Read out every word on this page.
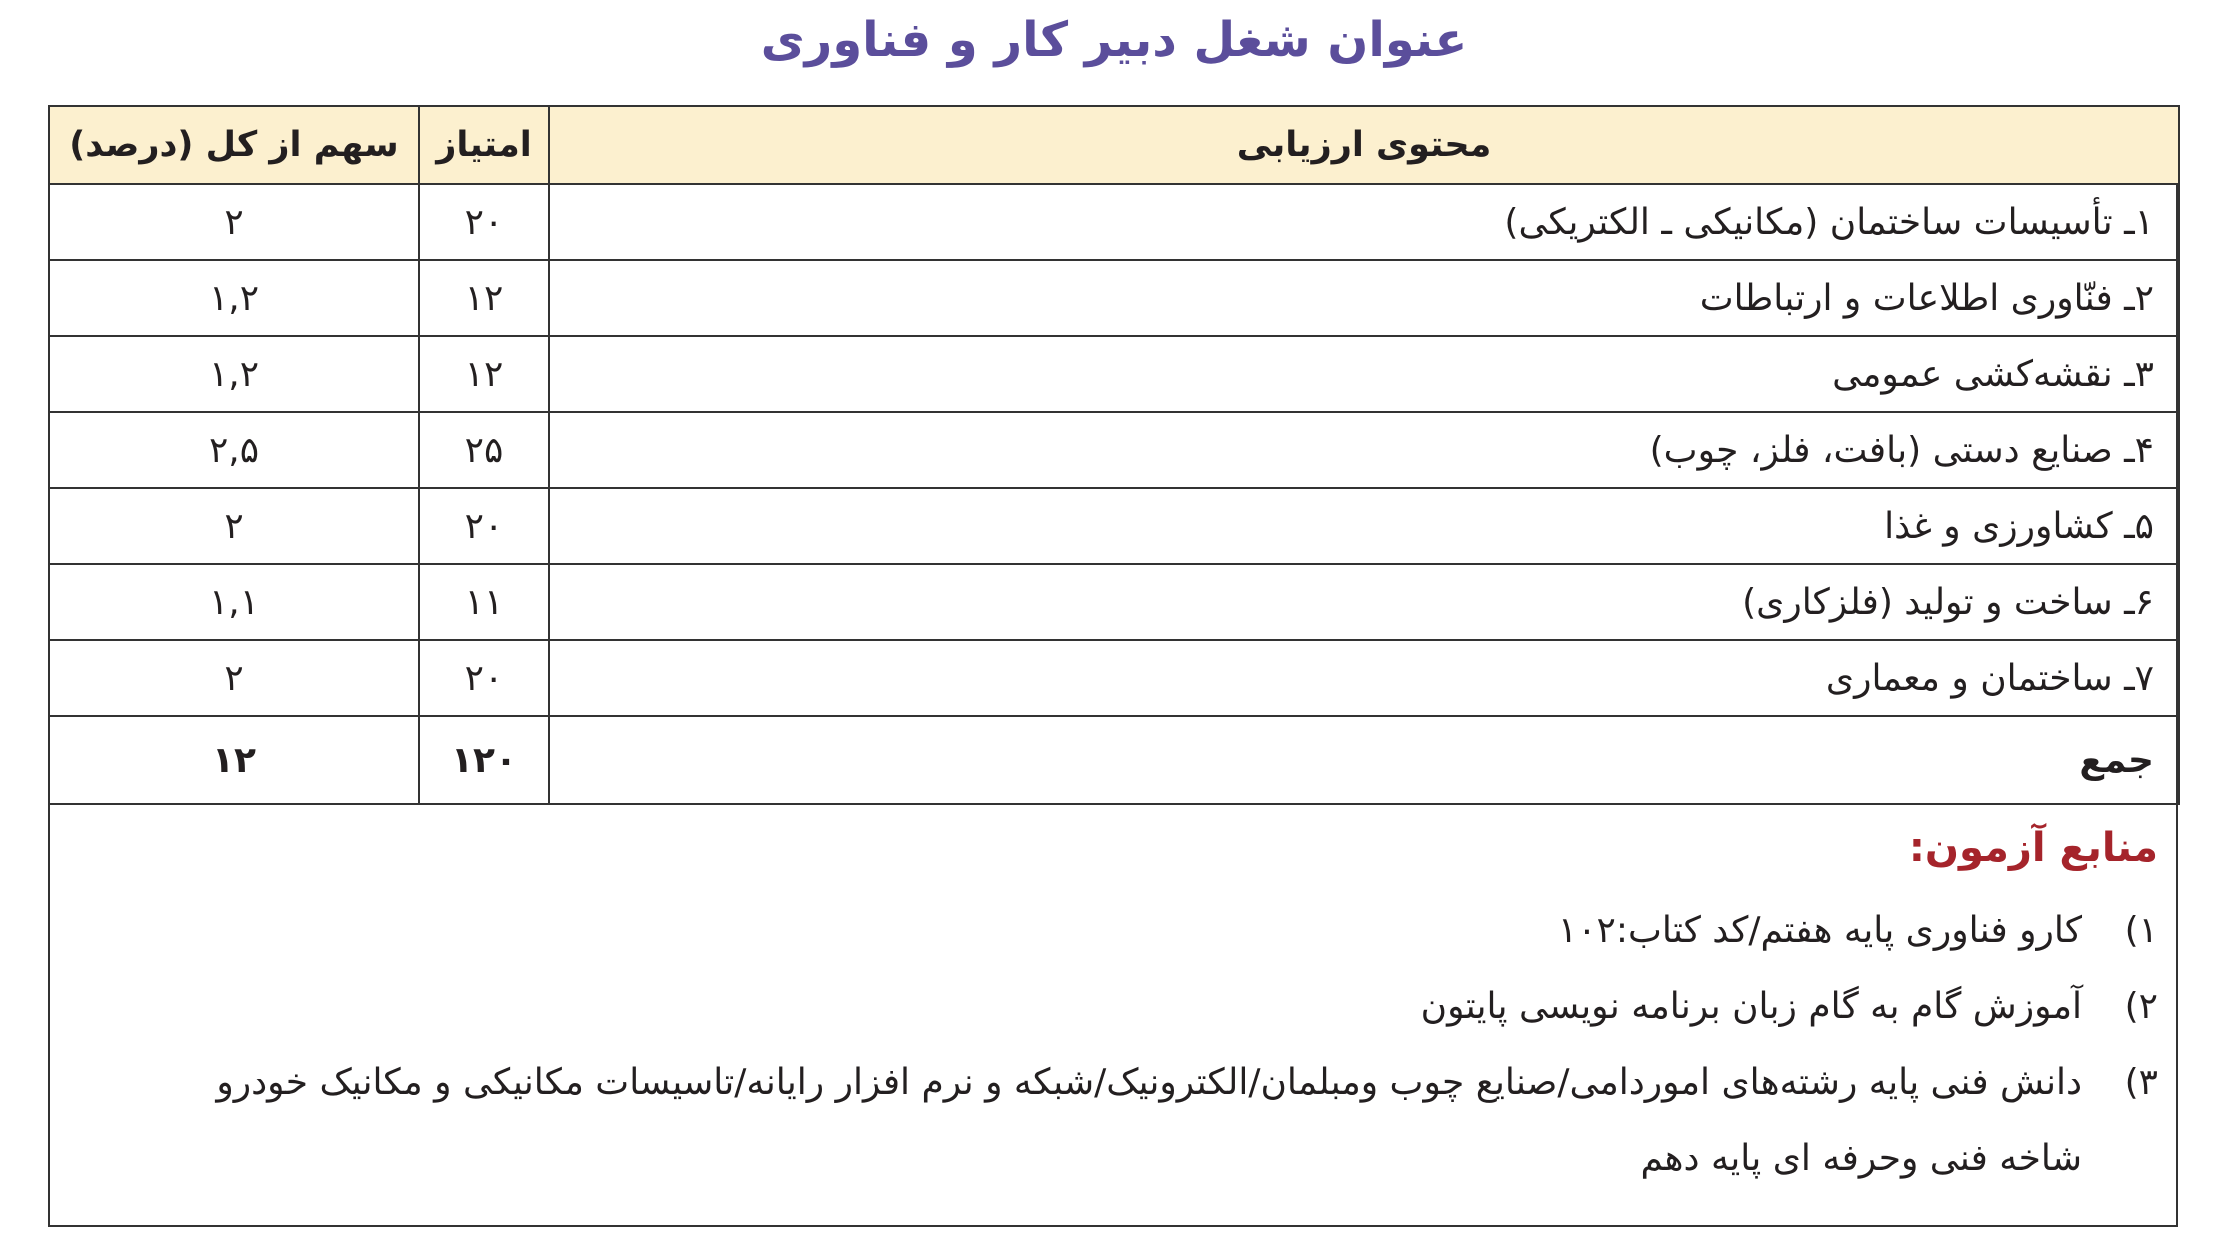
عنوان شغل دبیر کار و فناوری
محتوی ارزیابی	امتیاز	سهم از کل (درصد)
۱ـ تأسیسات ساختمان (مکانیکی ـ الکتریکی)	۲۰	۲
۲ـ فنّاوری اطلاعات و ارتباطات	۱۲	۱,۲
۳ـ نقشه‌کشی عمومی	۱۲	۱,۲
۴ـ صنایع دستی (بافت، فلز، چوب)	۲۵	۲,۵
۵ـ کشاورزی و غذا	۲۰	۲
۶ـ ساخت و تولید (فلزکاری)	۱۱	۱,۱
۷ـ ساختمان و معماری	۲۰	۲
جمع	۱۲۰	۱۲
منابع آزمون:
۱)
کارو فناوری پایه هفتم/کد کتاب:۱۰۲
۲)
آموزش گام به گام زبان برنامه نویسی پایتون
۳)
دانش فنی پایه رشته‌های اموردامی/صنایع چوب ومبلمان/الکترونیک/شبکه و نرم افزار رایانه/تاسیسات مکانیکی و مکانیک خودرو
شاخه فنی وحرفه ای پایه دهم
